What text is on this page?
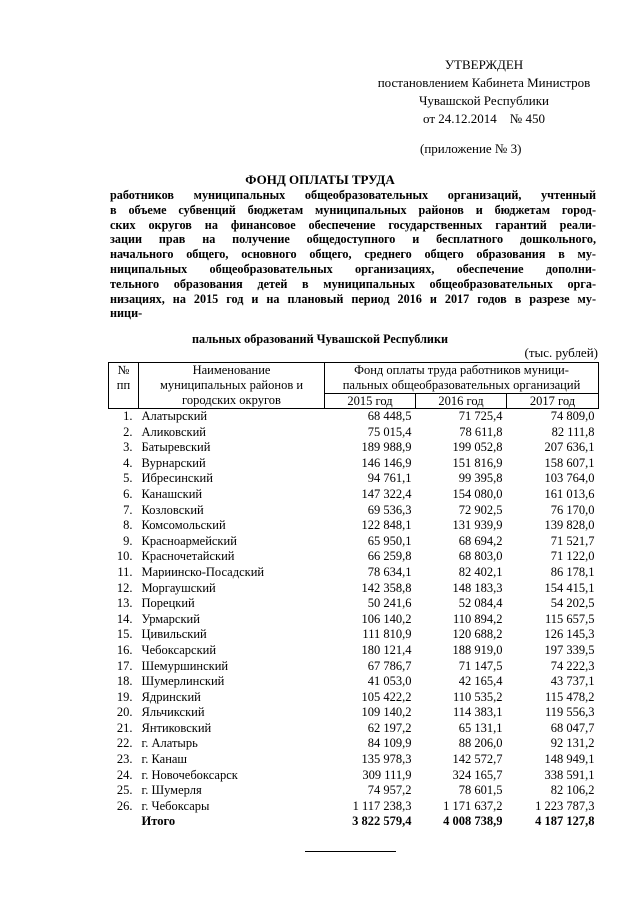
УТВЕРЖДЕН
постановлением Кабинета Министров
Чувашской Республики
от 24.12.2014    № 450
(приложение № 3)
ФОНД ОПЛАТЫ ТРУДА
работников муниципальных общеобразовательных организаций, учтенный
в объеме субвенций бюджетам муниципальных районов и бюджетам город-
ских округов на финансовое обеспечение государственных гарантий реали-
зации прав на получение общедоступного и бесплатного дошкольного,
начального общего, основного общего, среднего общего образования в му-
ниципальных общеобразовательных организациях, обеспечение дополни-
тельного образования детей в муниципальных общеобразовательных орга-
низациях, на 2015 год и на плановый период 2016 и 2017 годов в разрезе му-
ници-
пальных образований Чувашской Республики
(тыс. рублей)
№ пп	Наименование муниципальных районов и городских округов	Фонд оплаты труда работников муници-пальных общеобразовательных организаций		
		2015 год	2016 год	2017 год
1.	Алатырский	68 448,5	71 725,4	74 809,0
2.	Аликовский	75 015,4	78 611,8	82 111,8
3.	Батыревский	189 988,9	199 052,8	207 636,1
4.	Вурнарский	146 146,9	151 816,9	158 607,1
5.	Ибресинский	94 761,1	99 395,8	103 764,0
6.	Канашский	147 322,4	154 080,0	161 013,6
7.	Козловский	69 536,3	72 902,5	76 170,0
8.	Комсомольский	122 848,1	131 939,9	139 828,0
9.	Красноармейский	65 950,1	68 694,2	71 521,7
10.	Красночетайский	66 259,8	68 803,0	71 122,0
11.	Мариинско-Посадский	78 634,1	82 402,1	86 178,1
12.	Моргаушский	142 358,8	148 183,3	154 415,1
13.	Порецкий	50 241,6	52 084,4	54 202,5
14.	Урмарский	106 140,2	110 894,2	115 657,5
15.	Цивильский	111 810,9	120 688,2	126 145,3
16.	Чебоксарский	180 121,4	188 919,0	197 339,5
17.	Шемуршинский	67 786,7	71 147,5	74 222,3
18.	Шумерлинский	41 053,0	42 165,4	43 737,1
19.	Ядринский	105 422,2	110 535,2	115 478,2
20.	Яльчикский	109 140,2	114 383,1	119 556,3
21.	Янтиковский	62 197,2	65 131,1	68 047,7
22.	г. Алатырь	84 109,9	88 206,0	92 131,2
23.	г. Канаш	135 978,3	142 572,7	148 949,1
24.	г. Новочебоксарск	309 111,9	324 165,7	338 591,1
25.	г. Шумерля	74 957,2	78 601,5	82 106,2
26.	г. Чебоксары	1 117 238,3	1 171 637,2	1 223 787,3
	Итого	3 822 579,4	4 008 738,9	4 187 127,8
